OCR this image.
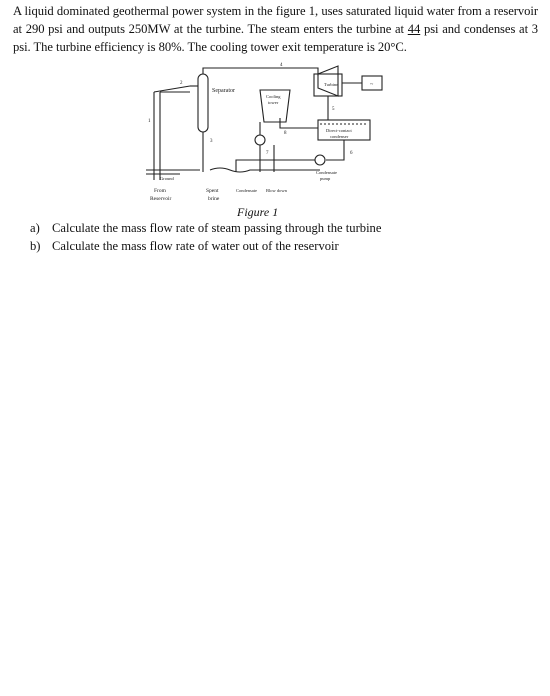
A liquid dominated geothermal power system in the figure 1, uses saturated liquid water from a reservoir at 290 psi and outputs 250MW at the turbine. The steam enters the turbine at 44 psi and condenses at 3 psi. The turbine efficiency is 80%. The cooling tower exit temperature is 20°C.
Separator
Cooling
tower
Turbine	~
Direct-contact
condenser
Condensate
pump
Ground
From
Reservoir
Spent
brine
Condensate Blow down
2
4
3
1
5
6
7
8
Figure 1
a) Calculate the mass flow rate of steam passing through the turbine
b) Calculate the mass flow rate of water out of the reservoir
